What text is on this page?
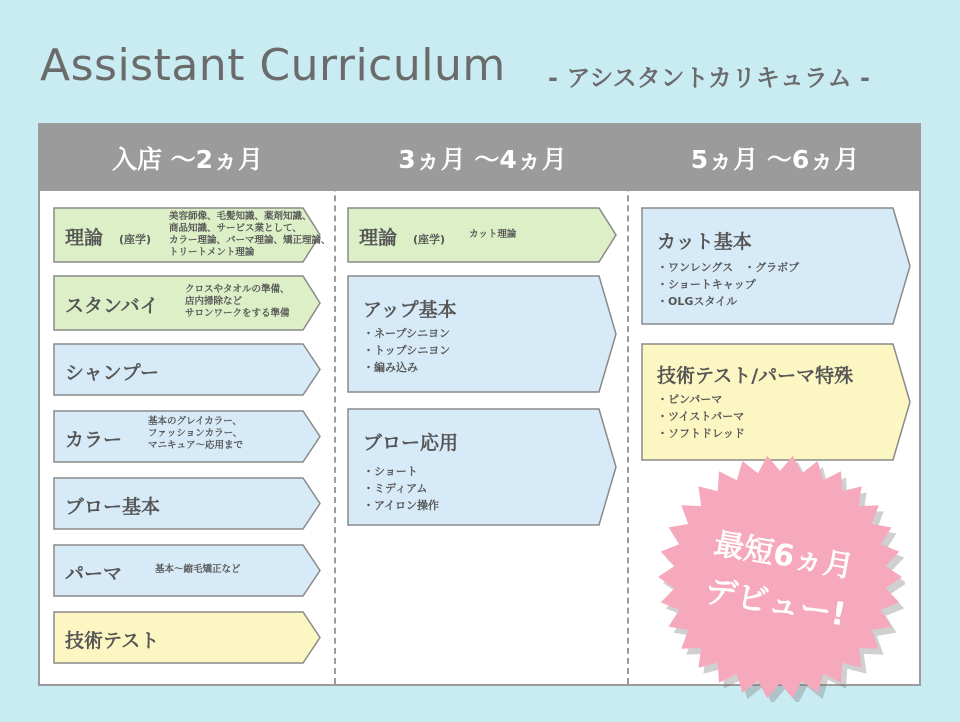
Assistant Curriculum - アシスタントカリキュラム -
入店 〜2ヵ月	3ヵ月 〜4ヵ月	5ヵ月 〜6ヵ月
理論 (座学)
美容師像、毛髪知識、薬剤知識、
商品知識、サービス業として、
カラー理論、パーマ理論、矯正理論、
トリートメント理論
スタンバイ
クロスやタオルの準備、
店内掃除など
サロンワークをする準備
シャンプー
カラー
基本のグレイカラー、
ファッションカラー、
マニキュア〜応用まで
ブロー基本
パーマ	基本〜縮毛矯正など
技術テスト
理論 (座学)	カット理論
アップ基本
・ ネープシニヨン
・ トップシニヨン
・ 編み込み
ブロー応用
・ ショート
・ ミディアム
・ アイロン操作
カット基本
・ ワンレングス　・グラボブ
・ ショートキャップ
・ OLGスタイル
技術テスト/パーマ特殊
・ ピンパーマ
・ ツイストパーマ
・ ソフトドレッド
最短6ヵ月
デビュー!
